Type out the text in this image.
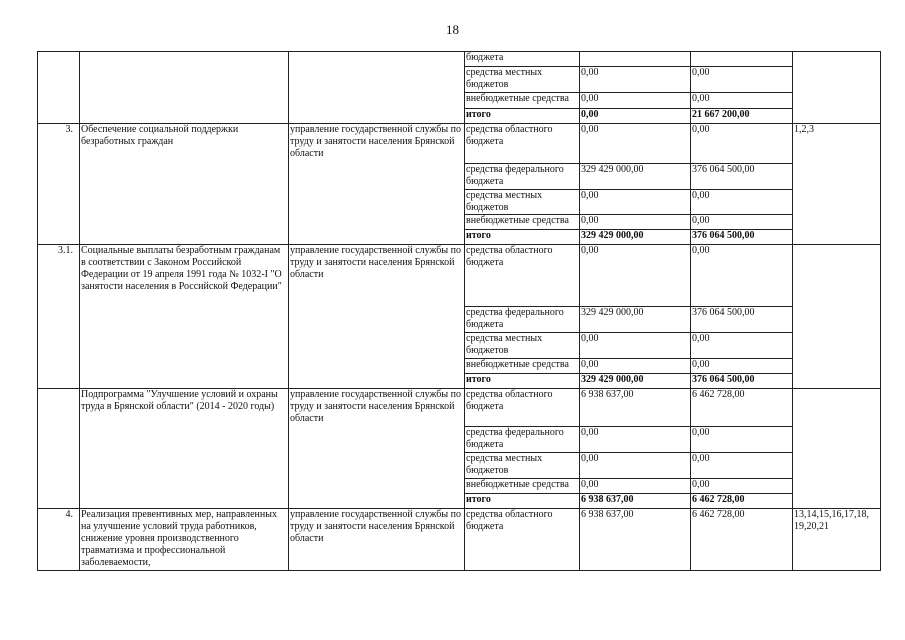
18
			бюджета			
			средства местных бюджетов	0,00	0,00	
			внебюджетные средства	0,00	0,00	
			итого	0,00	21 667 200,00	
3.	Обеспечение социальной поддержки безработных граждан	управление государственной службы по труду и занятости населения Брянской области	средства областного бюджета	0,00	0,00	1,2,3
			средства федерального бюджета	329 429 000,00	376 064 500,00	
			средства местных бюджетов	0,00	0,00	
			внебюджетные средства	0,00	0,00	
			итого	329 429 000,00	376 064 500,00	
3.1.	Социальные выплаты безработным гражданам в соответствии с Законом Российской Федерации от 19 апреля 1991 года № 1032-I "О занятости населения в Российской Федерации"	управление государственной службы по труду и занятости населения Брянской области	средства областного бюджета	0,00	0,00	
			средства федерального бюджета	329 429 000,00	376 064 500,00	
			средства местных бюджетов	0,00	0,00	
			внебюджетные средства	0,00	0,00	
			итого	329 429 000,00	376 064 500,00	
	Подпрограмма "Улучшение условий и охраны труда в Брянской области" (2014 - 2020 годы)	управление государственной службы по труду и занятости населения Брянской области	средства областного бюджета	6 938 637,00	6 462 728,00	
			средства федерального бюджета	0,00	0,00	
			средства местных бюджетов	0,00	0,00	
			внебюджетные средства	0,00	0,00	
			итого	6 938 637,00	6 462 728,00	
4.	Реализация превентивных мер, направленных на улучшение условий труда работников, снижение уровня производственного травматизма и профессиональной заболеваемости,	управление государственной службы по труду и занятости населения Брянской области	средства областного бюджета	6 938 637,00	6 462 728,00	13,14,15,16,17,18, 19,20,21
